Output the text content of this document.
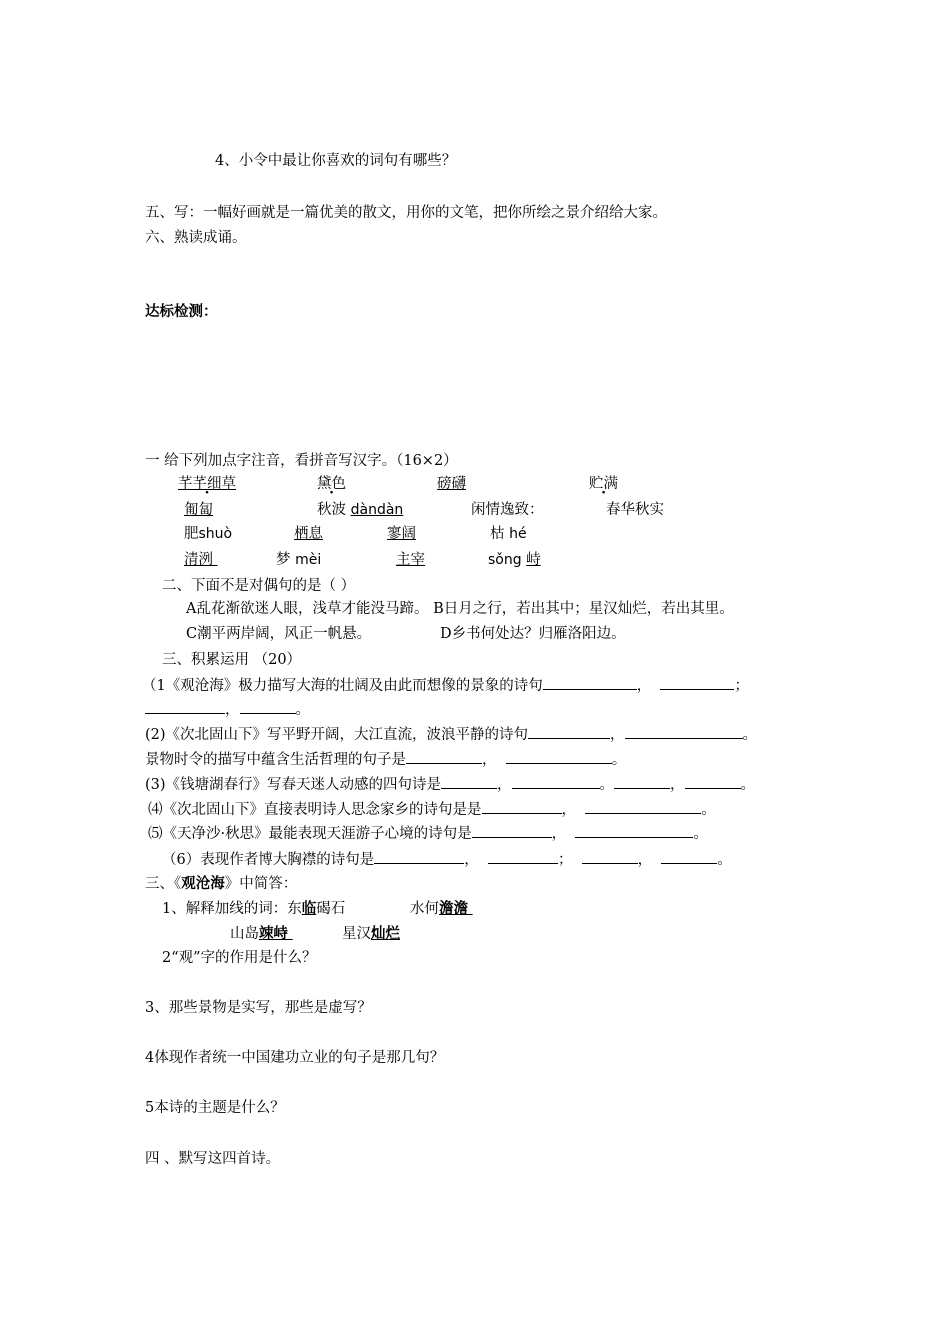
4、小令中最让你喜欢的词句有哪些？
五、写：一幅好画就是一篇优美的散文，用你的文笔，把你所绘之景介绍给大家。
六、熟读成诵。
达标检测：
一 给下列加点字注音，看拼音写汉字。（16×2）
芊芊细草	黛色	磅礴	贮满
匍匐	秋波 dàndàn	闲情逸致：	春华秋实
肥shuò	栖息	寥阔	枯 hé
清洌	梦 mèi	主宰	sǒng 峙
二、下面不是对偶句的是（ ）
A乱花渐欲迷人眼，浅草才能没马蹄。 B日月之行，若出其中；星汉灿烂，若出其里。
C潮平两岸阔，风正一帆悬。	D乡书何处达？归雁洛阳边。
三、积累运用 （20）
（1《观沧海》极力描写大海的壮阔及由此而想像的景象的诗句	，	；
，	。
(2)《次北固山下》写平野开阔，大江直流，波浪平静的诗句	，	。
景物时令的描写中蕴含生活哲理的句子是	，	。
(3)《钱塘湖春行》写春天迷人动感的四句诗是	，	。	，	。
⑷《次北固山下》直接表明诗人思念家乡的诗句是是	，	。
⑸《天净沙·秋思》最能表现天涯游子心境的诗句是	，	。
（6）表现作者博大胸襟的诗句是	，	；	，	。
三、《观沧海》中简答：
1、解释加线的词：东临碣石	水何澹澹
山岛竦峙	星汉灿烂
2“观”字的作用是什么？
3、那些景物是实写，那些是虚写？
4体现作者统一中国建功立业的句子是那几句？
5本诗的主题是什么？
四 、默写这四首诗。
